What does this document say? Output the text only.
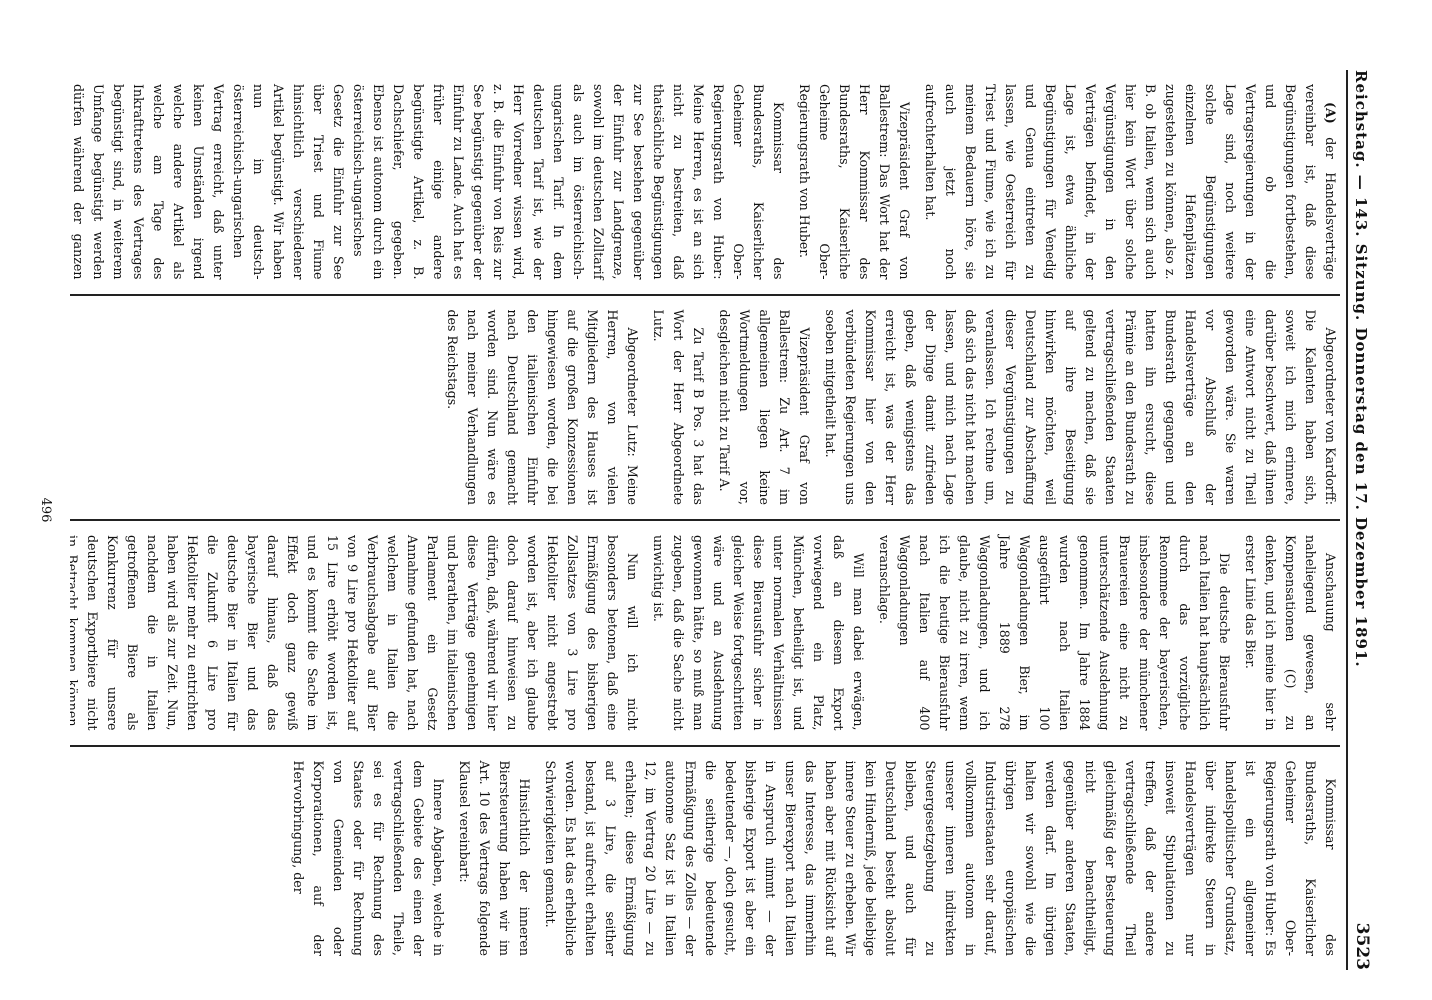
Reichstag. — 143. Sitzung. Donnerstag den 17. Dezember 1891.
3523

(A) der Handelsverträge vereinbar ist, daß diese Begünstigungen fortbestehen, und ob die Vertragsregierungen in der Lage sind, noch weitere solche Begünstigungen einzelnen Hafenplätzen zugestehen zu können, also z. B. ob Italien, wenn sich auch hier kein Wort über solche Vergünstigungen in den Verträgen befindet, in der Lage ist, etwa ähnliche Begünstigungen für Venedig und Genua eintreten zu lassen, wie Oesterreich für Triest und Fiume, wie ich zu meinem Bedauern höre, sie auch jetzt noch aufrechterhalten hat.

Vizepräsident Graf von Ballestrem: Das Wort hat der Herr Kommissar des Bundesraths, Kaiserliche Geheime Ober-Regierungsrath von Huber.

Kommissar des Bundesraths, Kaiserlicher Geheimer Ober-Regierungsrath von Huber: Meine Herren, es ist an sich nicht zu bestreiten, daß thatsächliche Begünstigungen zur See bestehen gegenüber der Einfuhr zur Landgrenze, sowohl im deutschen Zolltarif als auch im österreichisch-ungarischen Tarif. In dem deutschen Tarif ist, wie der Herr Vorredner wissen wird, z. B. die Einfuhr von Reis zur See begünstigt gegenüber der Einfuhr zu Lande. Auch hat es früher einige andere begünstigte Artikel, z. B. Dachschiefer, gegeben. Ebenso ist autonom durch ein österreichisch-ungarisches Gesetz die Einfuhr zur See über Triest und Fiume hinsichtlich verschiedener Artikel begünstigt. Wir haben nun im deutsch-österreichisch-ungarischen Vertrag erreicht, daß unter keinen Umständen irgend welche andere Artikel als welche am Tage des Inkrafttretens des Vertrages begünstigt sind, in weiterem Umfange begünstigt werden dürfen während der ganzen

Abgeordneter von Kardorff: Die Kalenten haben sich, soweit ich mich erinnere, darüber beschwert, daß ihnen eine Antwort nicht zu Theil geworden wäre. Sie waren vor Abschluß der Handelsverträge an den Bundesrath gegangen und hatten ihn ersucht, diese Prämie an den Bundesrath zu vertragschließenden Staaten geltend zu machen, daß sie auf ihre Beseitigung hinwirken möchten, weil Deutschland zur Abschaffung dieser Vergünstigungen zu veranlassen. Ich rechne um, daß sich das nicht hat machen lassen, und mich nach Lage der Dinge damit zufrieden geben, daß wenigstens das erreicht ist, was der Herr Kommissar hier von den verbündeten Regierungen uns soeben mitgetheilt hat.

Vizepräsident Graf von Ballestrem: Zu Art. 7 im allgemeinen liegen keine Wortmeldungen vor, desgleichen nicht zu Tarif A.

Zu Tarif B Pos. 3 hat das Wort der Herr Abgeordnete Lutz.

Abgeordneter Lutz: Meine Herren, von vielen Mitgliedern des Hauses ist auf die großen Konzessionen hingewiesen worden, die bei den italienischen Einfuhr nach Deutschland gemacht worden sind. Nun wäre es nach meiner Verhandlungen des Reichstags.

Anschauung sehr naheliegend gewesen, an Kompensationen (C) zu denken, und ich meine hier in erster Linie das Bier.

Die deutsche Bierausfuhr nach Italien hat hauptsächlich durch das vorzügliche Renommee der bayerischen, insbesondere der münchener Brauereien eine nicht zu unterschätzende Ausdehnung genommen. Im Jahre 1884 wurden nach Italien ausgeführt 100 Waggonladungen Bier, im Jahre 1889 278 Waggonladungen, und ich glaube, nicht zu irren, wenn ich die heutige Bierausfuhr nach Italien auf 400 Waggonladungen veranschlage.

Will man dabei erwägen, daß an diesem Export vorwiegend ein Platz, München, betheiligt ist, und unter normalen Verhältnissen diese Bierausfuhr sicher in gleicher Weise fortgeschritten wäre und an Ausdehnung gewonnen hätte, so muß man zugeben, daß die Sache nicht unwichtig ist.

Nun will ich nicht besonders betonen, daß eine Ermäßigung des bisherigen Zollsatzes von 3 Lire pro Hektoliter nicht angestrebt worden ist, aber ich glaube doch darauf hinweisen zu dürfen, daß, während wir hier diese Verträge genehmigen und berathen, im italienischen Parlament ein Gesetz Annahme gefunden hat, nach welchem in Italien die Verbrauchsabgabe auf Bier von 9 Lire pro Hektoliter auf 15 Lire erhöht worden ist, und es kommt die Sache im Effekt doch ganz gewiß darauf hinaus, daß das bayerische Bier und das deutsche Bier in Italien für die Zukunft 6 Lire pro Hektoliter mehr zu entrichten haben wird als zur Zeit. Nun, nachdem die in Italien getroffenen Biere als Konkurrenz für unsere deutschen Exportbiere nicht in Betracht kommen können,

Kommissar des Bundesraths, Kaiserlicher Geheimer Ober-Regierungsrath von Huber: Es ist ein allgemeiner handelspolitischer Grundsatz, über indirekte Steuern in Handelsverträgen nur insoweit Stipulationen zu treffen, daß der andere vertragschließende Theil gleichmäßig der Besteuerung nicht benachtheiligt, gegenüber anderen Staaten, werden darf. Im übrigen halten wir sowohl wie die übrigen europäischen Industriestaaten sehr darauf, vollkommen autonom in unserer inneren indirekten Steuergesetzgebung zu bleiben, und auch für Deutschland besteht absolut kein Hinderniß, jede beliebige innere Steuer zu erheben. Wir haben aber mit Rücksicht auf das Interesse, das immerhin unser Bierexport nach Italien in Anspruch nimmt — der bisherige Export ist aber ein bedeutender —, doch gesucht, die seitherige bedeutende Ermäßigung des Zolles — der autonome Satz ist in Italien 12, im Vertrag 20 Lire — zu erhalten; diese Ermäßigung auf 3 Lire, die seither bestand, ist aufrecht erhalten worden. Es hat das erhebliche Schwierigkeiten gemacht.

Hinsichtlich der inneren Biersteuerung haben wir im Art. 10 des Vertrags folgende Klausel vereinbart:

Innere Abgaben, welche in dem Gebiete des einen der vertragschließenden Theile, sei es für Rechnung des Staates oder für Rechnung von Gemeinden oder Korporationen, auf der Hervorbringung, der

496
